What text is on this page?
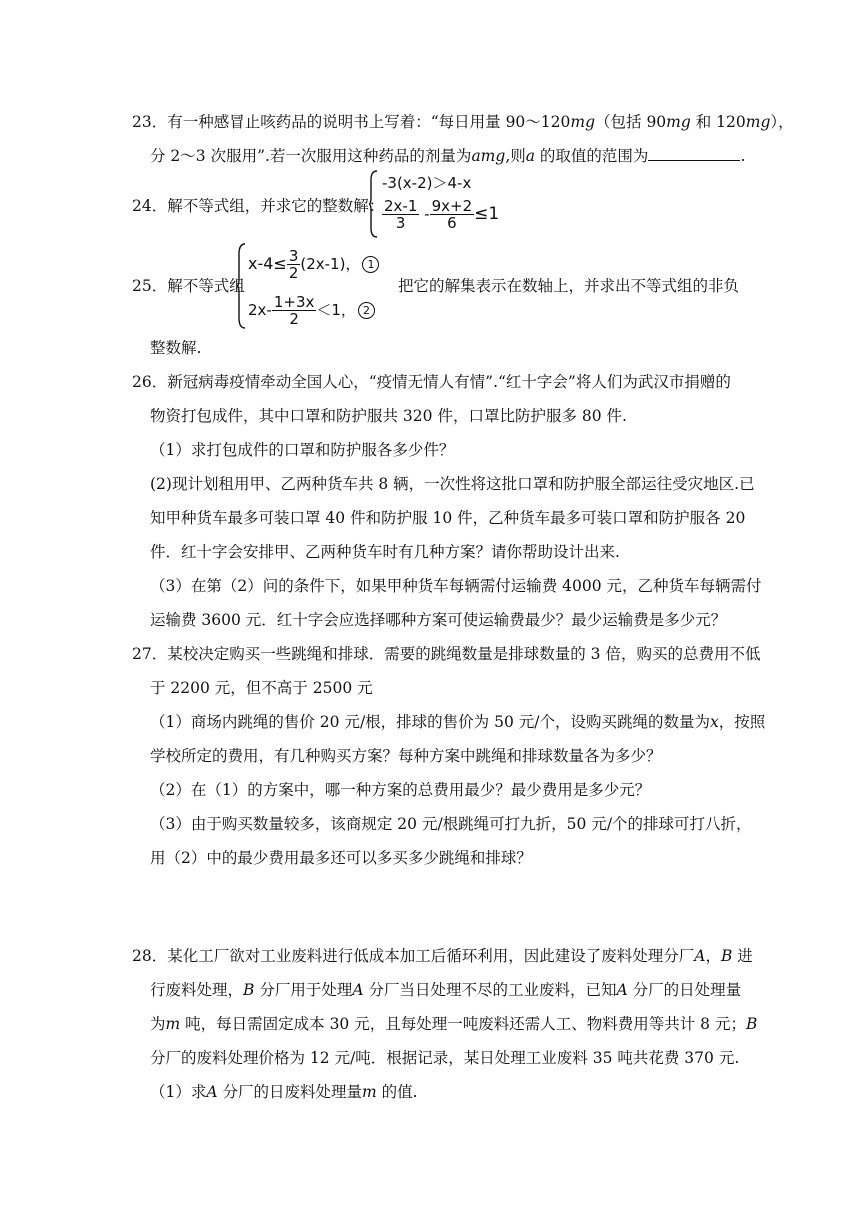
23．有一种感冒止咳药品的说明书上写着：“每日用量 90～120mg（包括 90mg 和 120mg），
分 2～3 次服用”.若一次服用这种药品的剂量为amg,则a 的取值的范围为	.
24．解不等式组，并求它的整数解：
-3(x-2)＞4-x
$\frac{2x-1}{3} - \frac{9x+2}{6} \le 1$
$x-4\le \frac{3}{2} (2x-1)$， 1
25．解不等式组	把它的解集表示在数轴上，并求出不等式组的非负
$2x- \frac{1+3x}{2} <1$， 2
整数解.
26．新冠病毒疫情牵动全国人心，“疫情无情人有情”.“红十字会”将人们为武汉市捐赠的
物资打包成件，其中口罩和防护服共 320 件，口罩比防护服多 80 件.
（1）求打包成件的口罩和防护服各多少件？
(2)现计划租用甲、乙两种货车共 8 辆，一次性将这批口罩和防护服全部运往受灾地区.已
知甲种货车最多可装口罩 40 件和防护服 10 件，乙种货车最多可装口罩和防护服各 20
件．红十字会安排甲、乙两种货车时有几种方案？请你帮助设计出来.
（3）在第（2）问的条件下，如果甲种货车每辆需付运输费 4000 元，乙种货车每辆需付
运输费 3600 元．红十字会应选择哪种方案可使运输费最少？最少运输费是多少元？
27．某校决定购买一些跳绳和排球．需要的跳绳数量是排球数量的 3 倍，购买的总费用不低
于 2200 元，但不高于 2500 元
（1）商场内跳绳的售价 20 元/根，排球的售价为 50 元/个，设购买跳绳的数量为x，按照
学校所定的费用，有几种购买方案？每种方案中跳绳和排球数量各为多少？
（2）在（1）的方案中，哪一种方案的总费用最少？最少费用是多少元？
（3）由于购买数量较多，该商规定 20 元/根跳绳可打九折，50 元/个的排球可打八折，
用（2）中的最少费用最多还可以多买多少跳绳和排球？
28．某化工厂欲对工业废料进行低成本加工后循环利用，因此建设了废料处理分厂A，B 进
行废料处理，B 分厂用于处理A 分厂当日处理不尽的工业废料，已知A 分厂的日处理量
为m 吨，每日需固定成本 30 元，且每处理一吨废料还需人工、物料费用等共计 8 元；B
分厂的废料处理价格为 12 元/吨．根据记录，某日处理工业废料 35 吨共花费 370 元.
（1）求A 分厂的日废料处理量m 的值.
